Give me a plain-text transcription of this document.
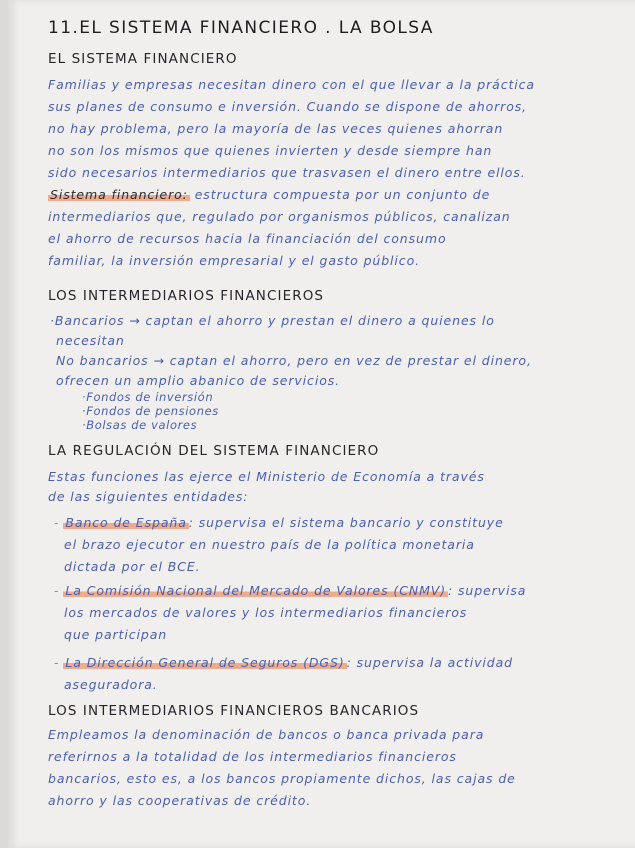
11.EL SISTEMA FINANCIERO . LA BOLSA
EL SISTEMA FINANCIERO
Familias y empresas necesitan dinero con el que llevar a la práctica
sus planes de consumo e inversión. Cuando se dispone de ahorros,
no hay problema, pero la mayoría de las veces quienes ahorran
no son los mismos que quienes invierten y desde siempre han
sido necesarios intermediarios que trasvasen el dinero entre ellos.
Sistema financiero: estructura compuesta por un conjunto de
intermediarios que, regulado por organismos públicos, canalizan
el ahorro de recursos hacia la financiación del consumo
familiar, la inversión empresarial y el gasto público.
LOS INTERMEDIARIOS FINANCIEROS
·Bancarios → captan el ahorro y prestan el dinero a quienes lo
necesitan
No bancarios → captan el ahorro, pero en vez de prestar el dinero,
ofrecen un amplio abanico de servicios.
·Fondos de inversión
·Fondos de pensiones
·Bolsas de valores
LA REGULACIÓN DEL SISTEMA FINANCIERO
Estas funciones las ejerce el Ministerio de Economía a través
de las siguientes entidades:
- Banco de España : supervisa el sistema bancario y constituye
el brazo ejecutor en nuestro país de la política monetaria
dictada por el BCE.
- La Comisión Nacional del Mercado de Valores (CNMV) : supervisa
los mercados de valores y los intermediarios financieros
que participan
- La Dirección General de Seguros (DGS) : supervisa la actividad
aseguradora.
LOS INTERMEDIARIOS FINANCIEROS BANCARIOS
Empleamos la denominación de bancos o banca privada para
referirnos a la totalidad de los intermediarios financieros
bancarios, esto es, a los bancos propiamente dichos, las cajas de
ahorro y las cooperativas de crédito.
